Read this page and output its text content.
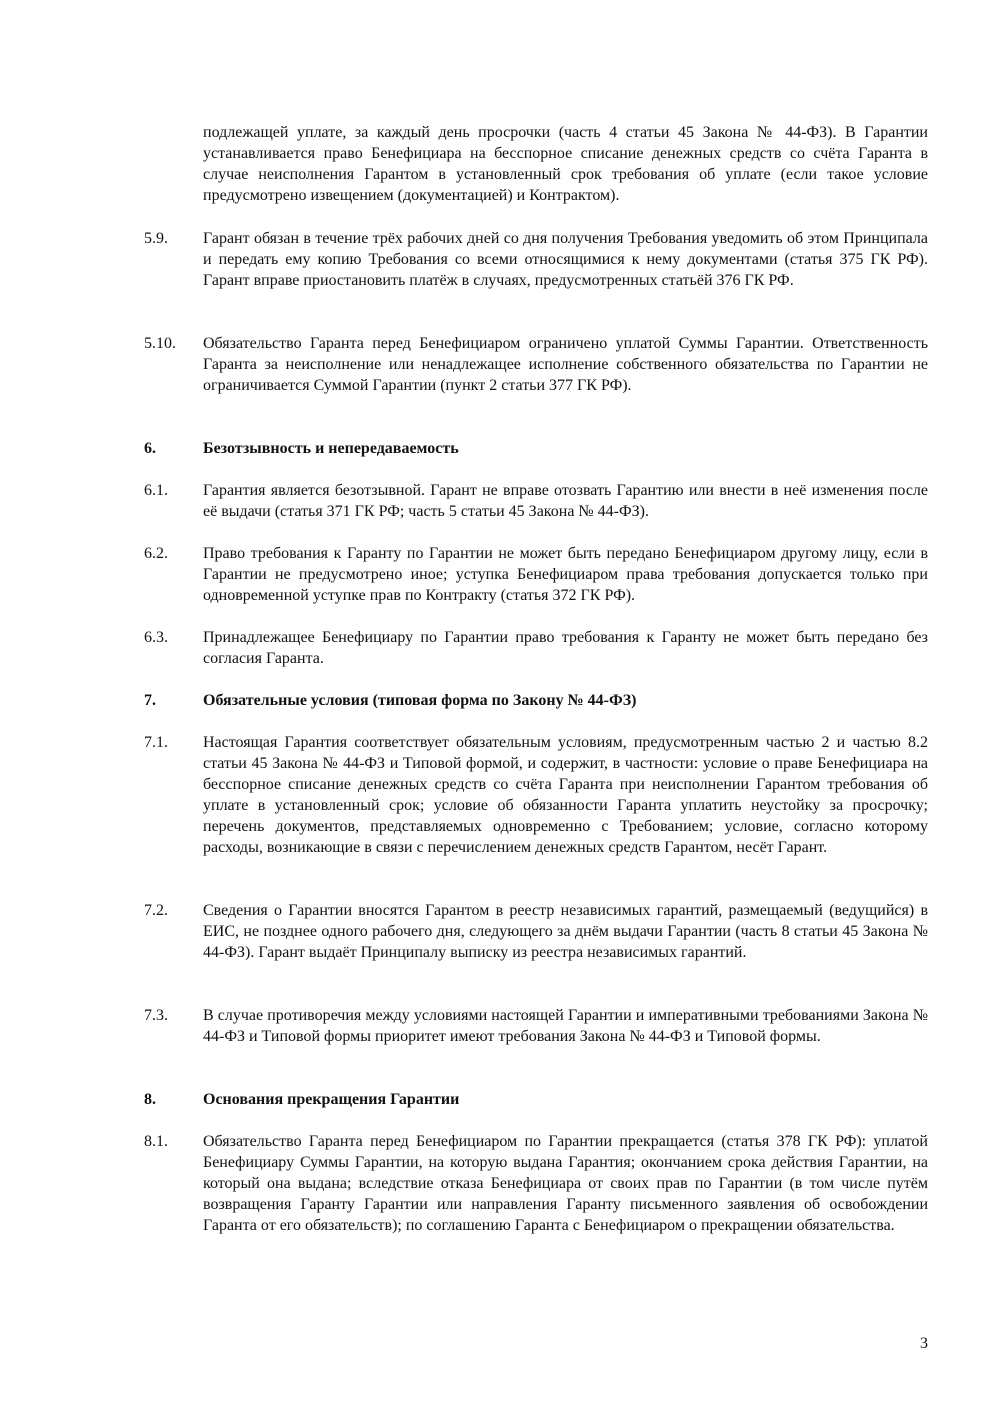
подлежащей уплате, за каждый день просрочки (часть 4 статьи 45 Закона № 44-ФЗ). В Гарантии устанавливается право Бенефициара на бесспорное списание денежных средств со счёта Гаранта в случае неисполнения Гарантом в установленный срок требования об уплате (если такое условие предусмотрено извещением (документацией) и Контрактом).
5.9.	Гарант обязан в течение трёх рабочих дней со дня получения Требования уведомить об этом Принципала и передать ему копию Требования со всеми относящимися к нему документами (статья 375 ГК РФ). Гарант вправе приостановить платёж в случаях, предусмотренных статьёй 376 ГК РФ.
5.10.	Обязательство Гаранта перед Бенефициаром ограничено уплатой Суммы Гарантии. Ответственность Гаранта за неисполнение или ненадлежащее исполнение собственного обязательства по Гарантии не ограничивается Суммой Гарантии (пункт 2 статьи 377 ГК РФ).
6.	Безотзывность и непередаваемость
6.1.	Гарантия является безотзывной. Гарант не вправе отозвать Гарантию или внести в неё изменения после её выдачи (статья 371 ГК РФ; часть 5 статьи 45 Закона № 44-ФЗ).
6.2.	Право требования к Гаранту по Гарантии не может быть передано Бенефициаром другому лицу, если в Гарантии не предусмотрено иное; уступка Бенефициаром права требования допускается только при одновременной уступке прав по Контракту (статья 372 ГК РФ).
6.3.	Принадлежащее Бенефициару по Гарантии право требования к Гаранту не может быть передано без согласия Гаранта.
7.	Обязательные условия (типовая форма по Закону № 44-ФЗ)
7.1.	Настоящая Гарантия соответствует обязательным условиям, предусмотренным частью 2 и частью 8.2 статьи 45 Закона № 44-ФЗ и Типовой формой, и содержит, в частности: условие о праве Бенефициара на бесспорное списание денежных средств со счёта Гаранта при неисполнении Гарантом требования об уплате в установленный срок; условие об обязанности Гаранта уплатить неустойку за просрочку; перечень документов, представляемых одновременно с Требованием; условие, согласно которому расходы, возникающие в связи с перечислением денежных средств Гарантом, несёт Гарант.
7.2.	Сведения о Гарантии вносятся Гарантом в реестр независимых гарантий, размещаемый (ведущийся) в ЕИС, не позднее одного рабочего дня, следующего за днём выдачи Гарантии (часть 8 статьи 45 Закона № 44-ФЗ). Гарант выдаёт Принципалу выписку из реестра независимых гарантий.
7.3.	В случае противоречия между условиями настоящей Гарантии и императивными требованиями Закона № 44-ФЗ и Типовой формы приоритет имеют требования Закона № 44-ФЗ и Типовой формы.
8.	Основания прекращения Гарантии
8.1.	Обязательство Гаранта перед Бенефициаром по Гарантии прекращается (статья 378 ГК РФ): уплатой Бенефициару Суммы Гарантии, на которую выдана Гарантия; окончанием срока действия Гарантии, на который она выдана; вследствие отказа Бенефициара от своих прав по Гарантии (в том числе путём возвращения Гаранту Гарантии или направления Гаранту письменного заявления об освобождении Гаранта от его обязательств); по соглашению Гаранта с Бенефициаром о прекращении обязательства.
3
